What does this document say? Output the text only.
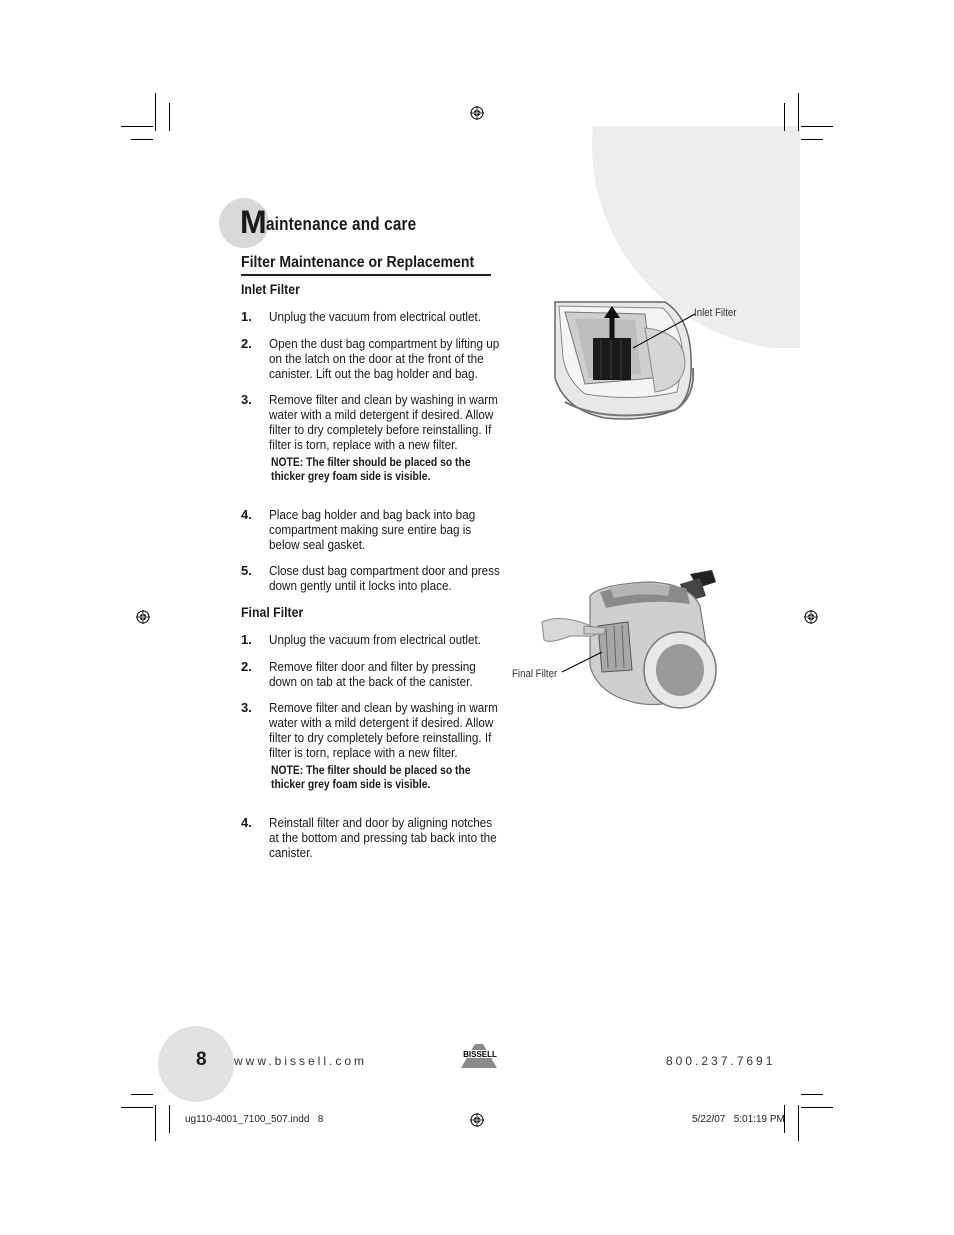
M aintenance and care
Filter Maintenance or Replacement
Inlet Filter
1. Unplug the vacuum from electrical outlet.
2. Open the dust bag compartment by lifting up on the latch on the door at the front of the canister. Lift out the bag holder and bag.
3. Remove filter and clean by washing in warm water with a mild detergent if desired. Allow filter to dry completely before reinstalling. If filter is torn, replace with a new filter.
NOTE: The filter should be placed so the thicker grey foam side is visible.
4. Place bag holder and bag back into bag compartment making sure entire bag is below seal gasket.
5. Close dust bag compartment door and press down gently until it locks into place.
Final Filter
1. Unplug the vacuum from electrical outlet.
2. Remove filter door and filter by pressing down on tab at the back of the canister.
3. Remove filter and clean by washing in warm water with a mild detergent if desired. Allow filter to dry completely before reinstalling. If filter is torn, replace with a new filter.
NOTE: The filter should be placed so the thicker grey foam side is visible.
4. Reinstall filter and door by aligning notches at the bottom and pressing tab back into the canister.
Inlet Filter
Final Filter
8 www.bissell.com	BISSELL	800.237.7691
ug110-4001_7100_507.indd   8	5/22/07   5:01:19 PM
